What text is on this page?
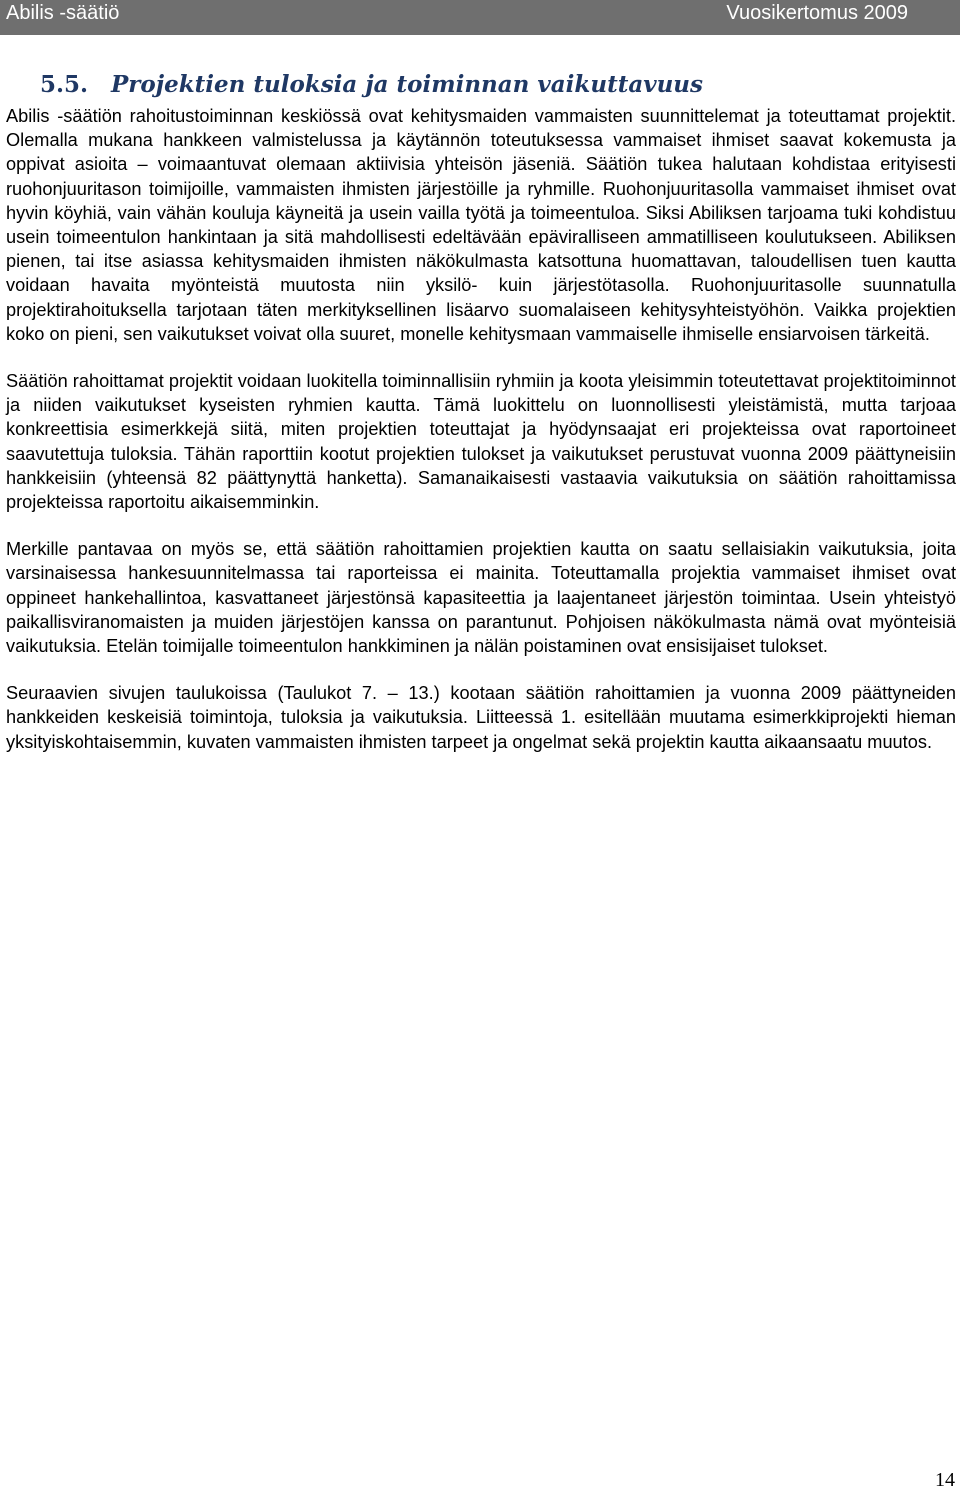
Abilis -säätiö	Vuosikertomus 2009
5.5. Projektien tuloksia ja toiminnan vaikuttavuus

Abilis -säätiön rahoitustoiminnan keskiössä ovat kehitysmaiden vammaisten suunnittelemat ja toteuttamat projektit. Olemalla mukana hankkeen valmistelussa ja käytännön toteutuksessa vammaiset ihmiset saavat kokemusta ja oppivat asioita – voimaantuvat olemaan aktiivisia yhteisön jäseniä. Säätiön tukea halutaan kohdistaa erityisesti ruohonjuuritason toimijoille, vammaisten ihmisten järjestöille ja ryhmille. Ruohonjuuritasolla vammaiset ihmiset ovat hyvin köyhiä, vain vähän kouluja käyneitä ja usein vailla työtä ja toimeentuloa. Siksi Abiliksen tarjoama tuki kohdistuu usein toimeentulon hankintaan ja sitä mahdollisesti edeltävään epäviralliseen ammatilliseen koulutukseen. Abiliksen pienen, tai itse asiassa kehitysmaiden ihmisten näkökulmasta katsottuna huomattavan, taloudellisen tuen kautta voidaan havaita myönteistä muutosta niin yksilö- kuin järjestötasolla. Ruohonjuuritasolle suunnatulla projektirahoituksella tarjotaan täten merkityksellinen lisäarvo suomalaiseen kehitysyhteistyöhön. Vaikka projektien koko on pieni, sen vaikutukset voivat olla suuret, monelle kehitysmaan vammaiselle ihmiselle ensiarvoisen tärkeitä.

Säätiön rahoittamat projektit voidaan luokitella toiminnallisiin ryhmiin ja koota yleisimmin toteutettavat projektitoiminnot ja niiden vaikutukset kyseisten ryhmien kautta. Tämä luokittelu on luonnollisesti yleistämistä, mutta tarjoaa konkreettisia esimerkkejä siitä, miten projektien toteuttajat ja hyödynsaajat eri projekteissa ovat raportoineet saavutettuja tuloksia. Tähän raporttiin kootut projektien tulokset ja vaikutukset perustuvat vuonna 2009 päättyneisiin hankkeisiin (yhteensä 82 päättynyttä hanketta). Samanaikaisesti vastaavia vaikutuksia on säätiön rahoittamissa projekteissa raportoitu aikaisemminkin.

Merkille pantavaa on myös se, että säätiön rahoittamien projektien kautta on saatu sellaisiakin vaikutuksia, joita varsinaisessa hankesuunnitelmassa tai raporteissa ei mainita. Toteuttamalla projektia vammaiset ihmiset ovat oppineet hankehallintoa, kasvattaneet järjestönsä kapasiteettia ja laajentaneet järjestön toimintaa. Usein yhteistyö paikallisviranomaisten ja muiden järjestöjen kanssa on parantunut. Pohjoisen näkökulmasta nämä ovat myönteisiä vaikutuksia. Etelän toimijalle toimeentulon hankkiminen ja nälän poistaminen ovat ensisijaiset tulokset.

Seuraavien sivujen taulukoissa (Taulukot 7. – 13.) kootaan säätiön rahoittamien ja vuonna 2009 päättyneiden hankkeiden keskeisiä toimintoja, tuloksia ja vaikutuksia. Liitteessä 1. esitellään muutama esimerkkiprojekti hieman yksityiskohtaisemmin, kuvaten vammaisten ihmisten tarpeet ja ongelmat sekä projektin kautta aikaansaatu muutos.

14
